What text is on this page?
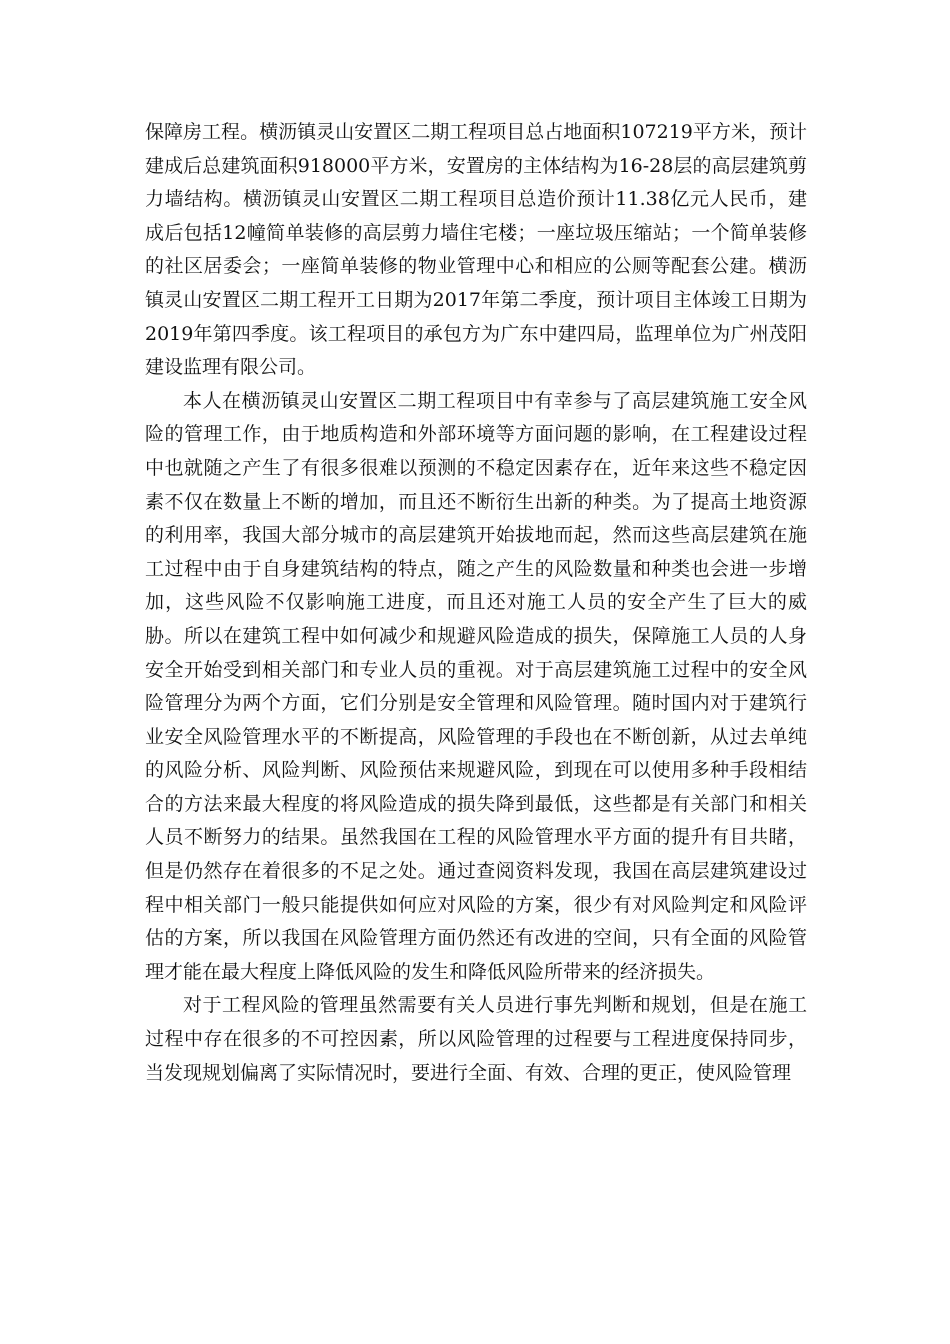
保障房工程。横沥镇灵山安置区二期工程项目总占地面积107219平方米，预计建成后总建筑面积918000平方米，安置房的主体结构为16-28层的高层建筑剪力墙结构。横沥镇灵山安置区二期工程项目总造价预计11.38亿元人民币，建成后包括12幢简单装修的高层剪力墙住宅楼；一座垃圾压缩站；一个简单装修的社区居委会；一座简单装修的物业管理中心和相应的公厕等配套公建。横沥镇灵山安置区二期工程开工日期为2017年第二季度，预计项目主体竣工日期为2019年第四季度。该工程项目的承包方为广东中建四局，监理单位为广州茂阳建设监理有限公司。

本人在横沥镇灵山安置区二期工程项目中有幸参与了高层建筑施工安全风险的管理工作，由于地质构造和外部环境等方面问题的影响，在工程建设过程中也就随之产生了有很多很难以预测的不稳定因素存在，近年来这些不稳定因素不仅在数量上不断的增加，而且还不断衍生出新的种类。为了提高土地资源的利用率，我国大部分城市的高层建筑开始拔地而起，然而这些高层建筑在施工过程中由于自身建筑结构的特点，随之产生的风险数量和种类也会进一步增加，这些风险不仅影响施工进度，而且还对施工人员的安全产生了巨大的威胁。所以在建筑工程中如何减少和规避风险造成的损失，保障施工人员的人身安全开始受到相关部门和专业人员的重视。对于高层建筑施工过程中的安全风险管理分为两个方面，它们分别是安全管理和风险管理。随时国内对于建筑行业安全风险管理水平的不断提高，风险管理的手段也在不断创新，从过去单纯的风险分析、风险判断、风险预估来规避风险，到现在可以使用多种手段相结合的方法来最大程度的将风险造成的损失降到最低，这些都是有关部门和相关人员不断努力的结果。虽然我国在工程的风险管理水平方面的提升有目共睹，但是仍然存在着很多的不足之处。通过查阅资料发现，我国在高层建筑建设过程中相关部门一般只能提供如何应对风险的方案，很少有对风险判定和风险评估的方案，所以我国在风险管理方面仍然还有改进的空间，只有全面的风险管理才能在最大程度上降低风险的发生和降低风险所带来的经济损失。

对于工程风险的管理虽然需要有关人员进行事先判断和规划，但是在施工过程中存在很多的不可控因素，所以风险管理的过程要与工程进度保持同步，当发现规划偏离了实际情况时，要进行全面、有效、合理的更正，使风险管理
